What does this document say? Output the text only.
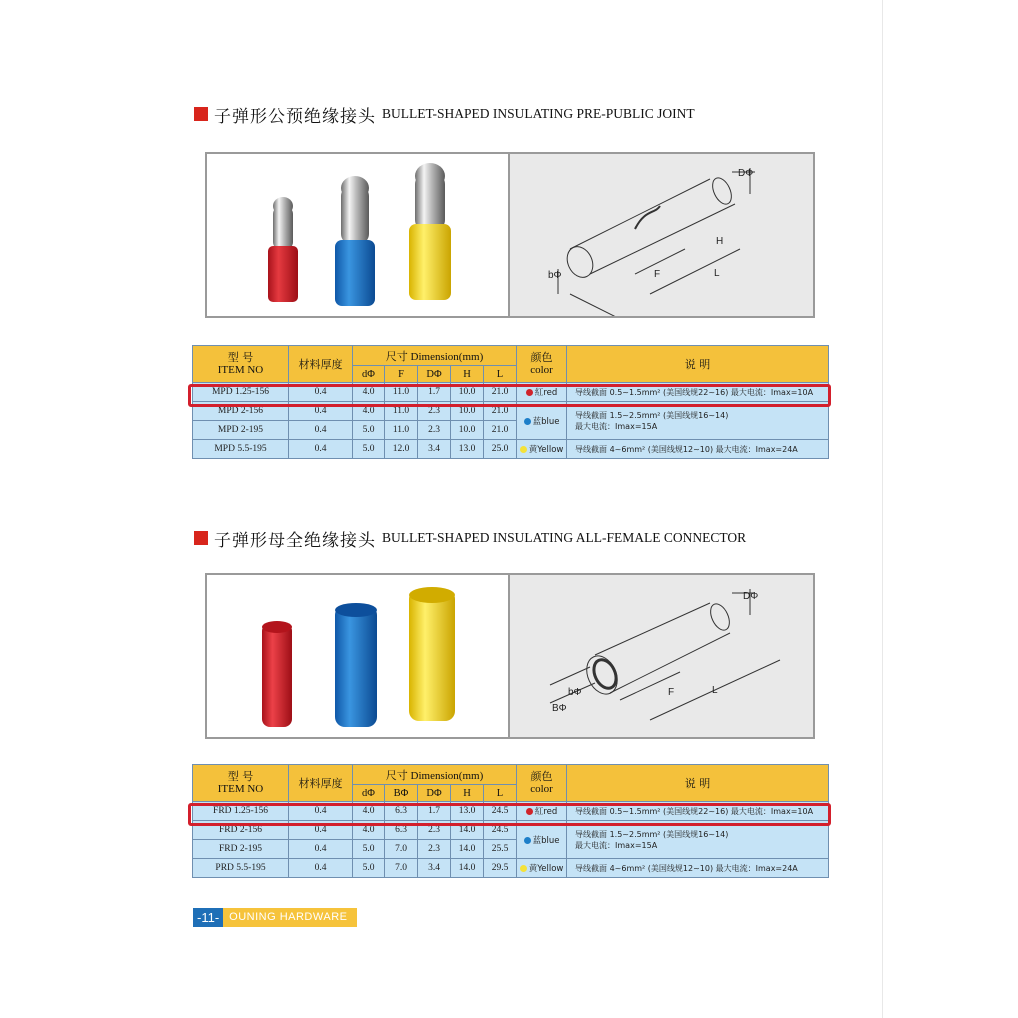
子弹形公预绝缘接头 BULLET-SHAPED INSULATING PRE-PUBLIC JOINT
DΦ
bΦ
H
F	L
型 号
ITEM NO	材料厚度	尺寸 Dimension(mm)					颜色
color	说 明

		dΦ	F	DΦ	H	L		
MPD 1.25-156	0.4	4.0	11.0	1.7	10.0	21.0	紅red	导线截面 0.5~1.5mm² (美国线规22~16) 最大电流：Imax=10A
MPD 2-156	0.4	4.0	11.0	2.3	10.0	21.0	蓝blue	导线截面 1.5~2.5mm² (美国线规16~14)
最大电流：Imax=15A
MPD 2-195	0.4	5.0	11.0	2.3	10.0	21.0		
MPD 5.5-195	0.4	5.0	12.0	3.4	13.0	25.0	黄Yellow	导线截面 4~6mm² (美国线规12~10) 最大电流：Imax=24A
子弹形母全绝缘接头 BULLET-SHAPED INSULATING ALL-FEMALE CONNECTOR
DΦ
bΦ
BΦ
F	L
型 号
ITEM NO	材料厚度	尺寸 Dimension(mm)					颜色
color	说 明

		dΦ	BΦ	DΦ	H	L		
FRD 1.25-156	0.4	4.0	6.3	1.7	13.0	24.5	紅red	导线截面 0.5~1.5mm² (美国线规22~16) 最大电流：Imax=10A
FRD 2-156	0.4	4.0	6.3	2.3	14.0	24.5	蓝blue	导线截面 1.5~2.5mm² (美国线规16~14)
最大电流：Imax=15A
FRD 2-195	0.4	5.0	7.0	2.3	14.0	25.5		
PRD 5.5-195	0.4	5.0	7.0	3.4	14.0	29.5	黄Yellow	导线截面 4~6mm² (美国线规12~10) 最大电流：Imax=24A
-11- OUNING HARDWARE
